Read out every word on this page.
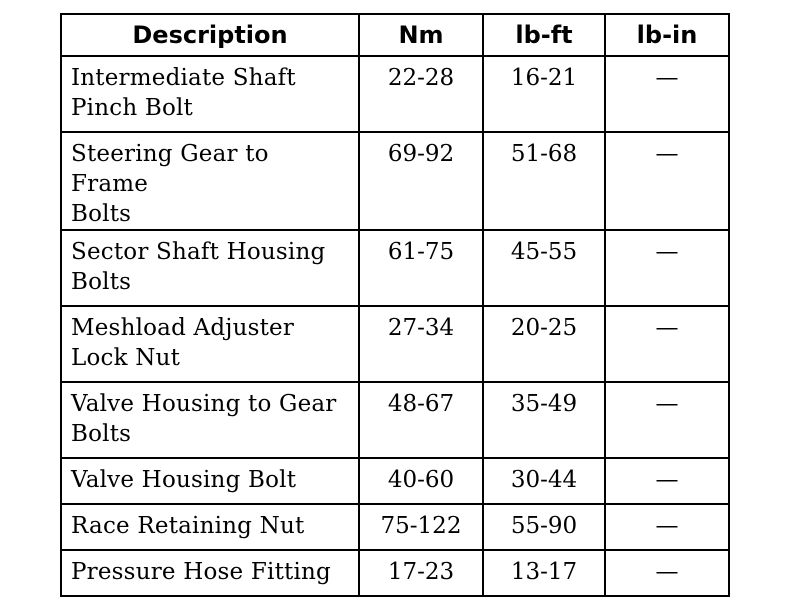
Description	Nm	lb-ft	lb-in

Intermediate Shaft
Pinch Bolt	22-28	16-21	—

Steering Gear to Frame
Bolts	69-92	51-68	—

Sector Shaft Housing
Bolts	61-75	45-55	—

Meshload Adjuster
Lock Nut	27-34	20-25	—

Valve Housing to Gear
Bolts	48-67	35-49	—

Valve Housing Bolt	40-60	30-44	—

Race Retaining Nut	75-122	55-90	—

Pressure Hose Fitting	17-23	13-17	—
